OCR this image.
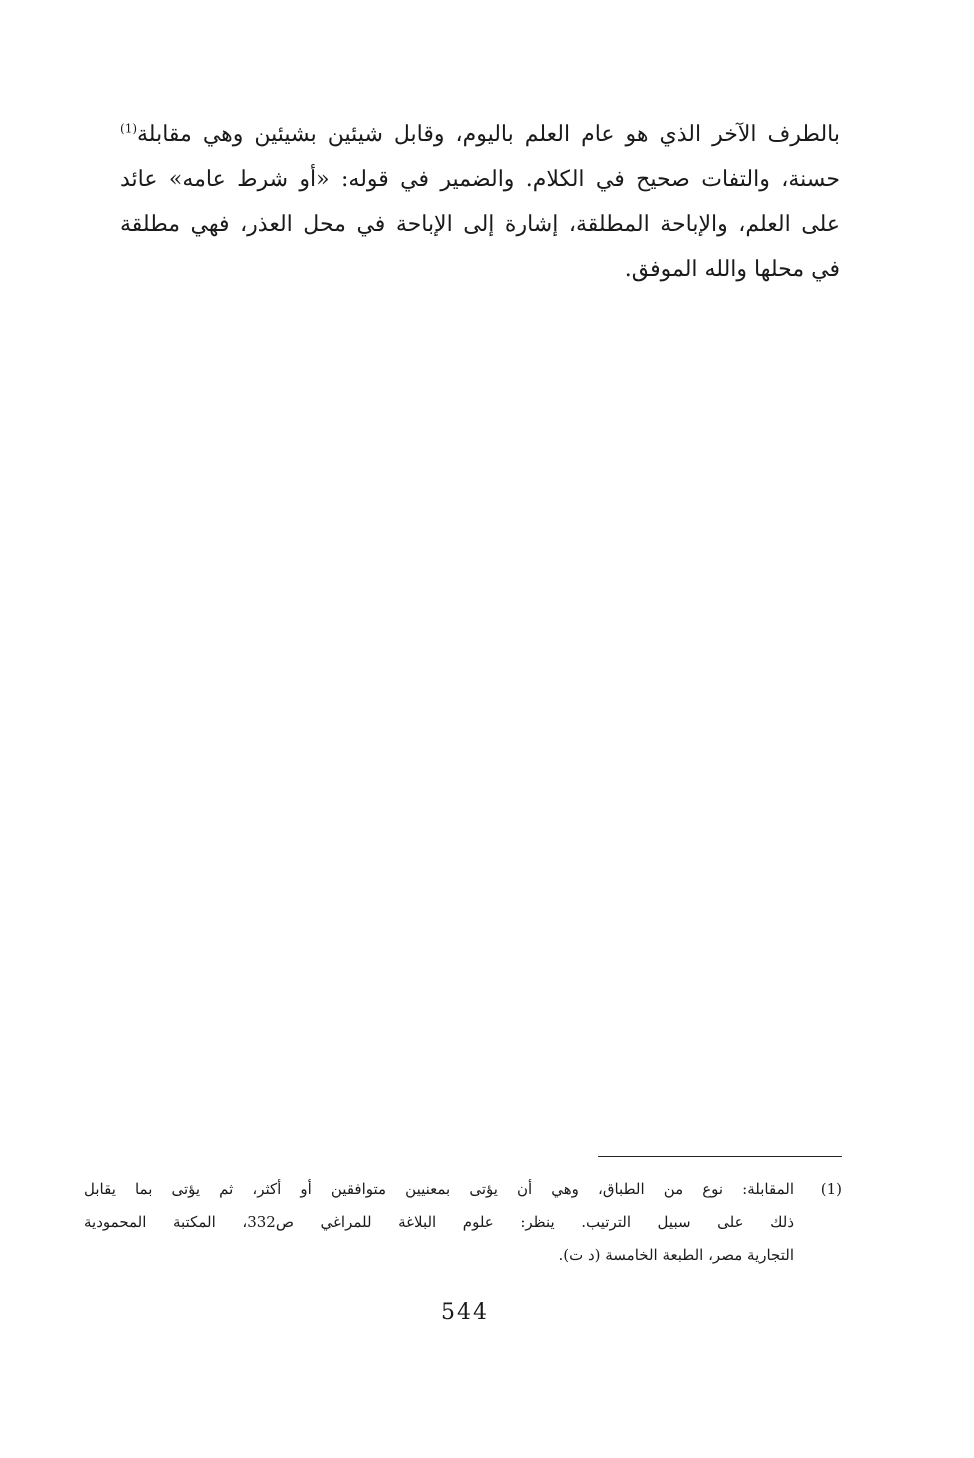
بالطرف الآخر الذي هو عام العلم باليوم، وقابل شيئين بشيئين وهي مقابلة$^{(1)}$
حسنة، والتفات صحيح في الكلام. والضمير في قوله: «أو شرط عامه» عائد
على العلم، والإباحة المطلقة، إشارة إلى الإباحة في محل العذر، فهي مطلقة
في محلها والله الموفق.
(1)
المقابلة: نوع من الطباق، وهي أن يؤتى بمعنيين متوافقين أو أكثر، ثم يؤتى بما يقابل
ذلك على سبيل الترتيب. ينظر: علوم البلاغة للمراغي ص332، المكتبة المحمودية
التجارية مصر، الطبعة الخامسة (د ت).
544
